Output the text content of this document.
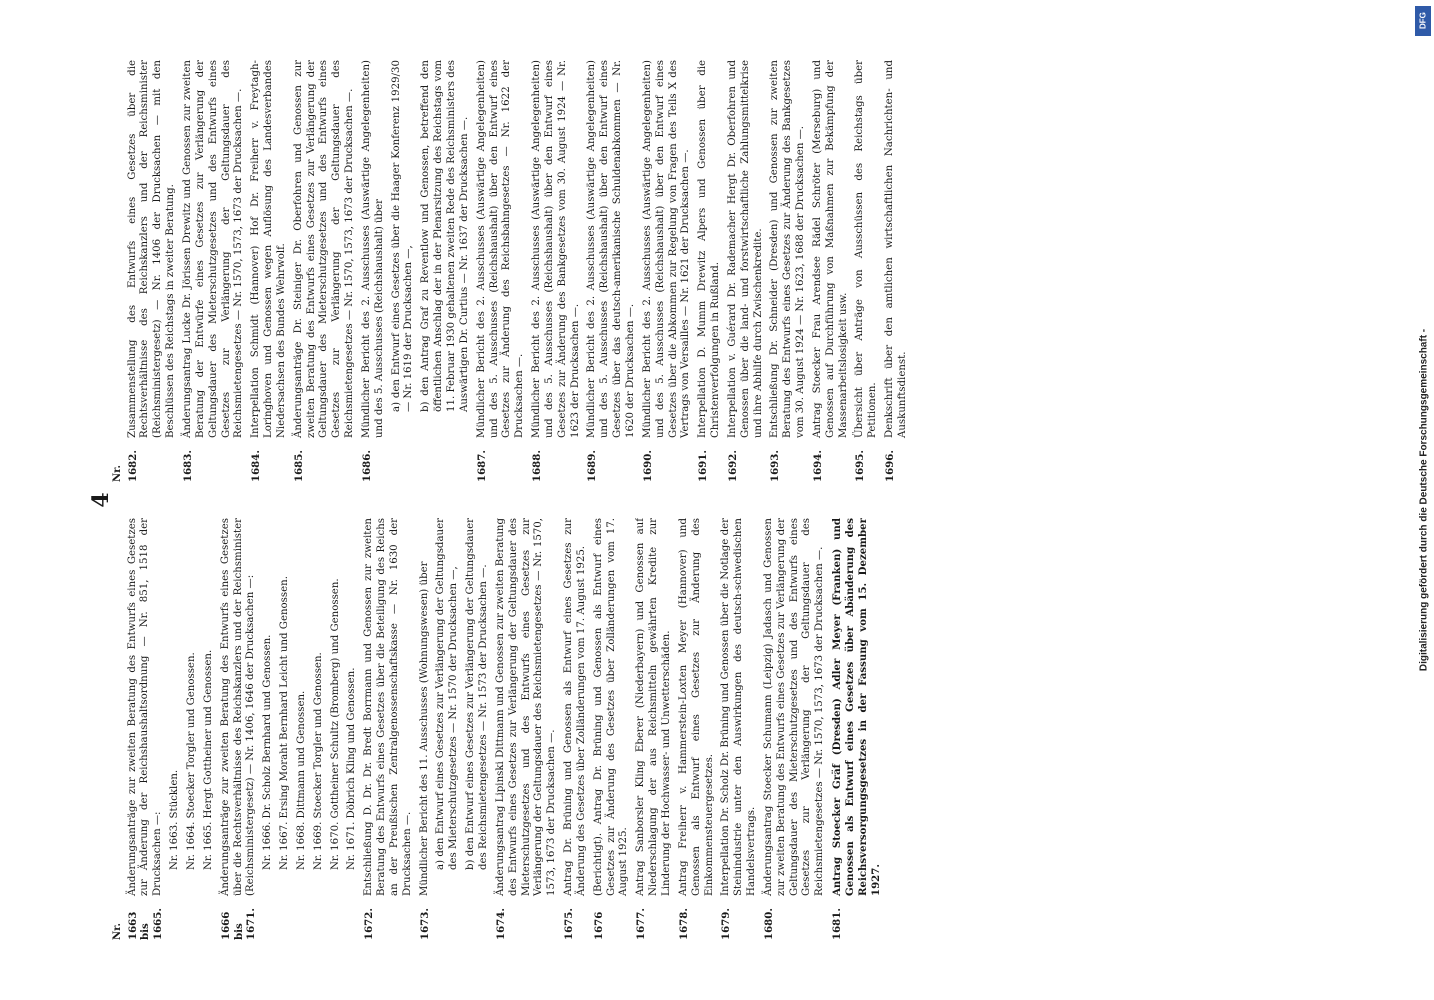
4
Nr. 1663 bis 1665.
Änderungsanträge zur zweiten Beratung des Entwurfs eines Gesetzes zur Änderung der Reichshaushaltsordnung — Nr. 851, 1518 der Drucksachen —: Nr. 1663. Stücklen. Nr. 1664. Stoecker Torgler und Genossen. Nr. 1665. Hergt Gottheiner und Genossen.
1666 bis 1671.
Änderungsanträge zur zweiten Beratung des Entwurfs eines Gesetzes über die Rechtsverhältnisse des Reichskanzlers und der Reichsminister (Reichsministergesetz) — Nr. 1406, 1646 der Drucksachen —: Nr. 1666. Dr. Scholz Bernhard und Genossen. Nr. 1667. Ersing Moraht Bernhard Leicht und Genossen. Nr. 1668. Dittmann und Genossen. Nr. 1669. Stoecker Torgler und Genossen. Nr. 1670. Gottheiner Schultz (Bromberg) und Genossen. Nr. 1671. Döbrich Kling und Genossen.
1672.
Entschließung D. Dr. Dr. Bredt Borrmann und Genossen zur zweiten Beratung des Entwurfs eines Gesetzes über die Beteiligung des Reichs an der Preußischen Zentralgenossenschaftskasse — Nr. 1630 der Drucksachen —.
1673.
Mündlicher Bericht des 11. Ausschusses (Wohnungswesen) über a) den Entwurf eines Gesetzes zur Verlängerung der Geltungsdauer des Mieterschutzgesetzes — Nr. 1570 der Drucksachen —, b) den Entwurf eines Gesetzes zur Verlängerung der Geltungsdauer des Reichsmietengesetzes — Nr. 1573 der Drucksachen —.
1674.
Änderungsantrag Lipinski Dittmann und Genossen zur zweiten Beratung des Entwurfs eines Gesetzes zur Verlängerung der Geltungsdauer des Mieterschutzgesetzes und des Entwurfs eines Gesetzes zur Verlängerung der Geltungsdauer des Reichsmietengesetzes — Nr. 1570, 1573, 1673 der Drucksachen —.
1675.
Antrag Dr. Brüning und Genossen als Entwurf eines Gesetzes zur Änderung des Gesetzes über Zolländerungen vom 17. August 1925.
1676
(Berichtigt). Antrag Dr. Brüning und Genossen als Entwurf eines Gesetzes zur Änderung des Gesetzes über Zolländerungen vom 17. August 1925.
1677.
Antrag Sanborsler Kling Eberer (Niederbayern) und Genossen auf Niederschlagung der aus Reichsmitteln gewährten Kredite zur Linderung der Hochwasser- und Unwetterschäden.
1678.
Antrag Freiherr v. Hammerstein-Loxten Meyer (Hannover) und Genossen als Entwurf eines Gesetzes zur Änderung des Einkommensteuergesetzes.
1679.
Interpellation Dr. Scholz Dr. Brüning und Genossen über die Notlage der Steinindustrie unter den Auswirkungen des deutsch-schwedischen Handelsvertrags.
1680.
Änderungsantrag Stoecker Schumann (Leipzig) Jadasch und Genossen zur zweiten Beratung des Entwurfs eines Gesetzes zur Verlängerung der Geltungsdauer des Mieterschutzgesetzes und des Entwurfs eines Gesetzes zur Verlängerung der Geltungsdauer des Reichsmietengesetzes — Nr. 1570, 1573, 1673 der Drucksachen —.
1681.
Antrag Stoecker Gräf (Dresden) Adler Meyer (Franken) und Genossen als Entwurf eines Gesetzes über Abänderung des Reichsversorgungsgesetzes in der Fassung vom 15. Dezember 1927.
Nr. 1682.
Zusammenstellung des Entwurfs eines Gesetzes über die Rechtsverhältnisse des Reichskanzlers und der Reichsminister (Reichsministergesetz) — Nr. 1406 der Drucksachen — mit den Beschlüssen des Reichstags in zweiter Beratung.
1683.
Änderungsantrag Lucke Dr. Jörissen Drewitz und Genossen zur zweiten Beratung der Entwürfe eines Gesetzes zur Verlängerung der Geltungsdauer des Mieterschutzgesetzes und des Entwurfs eines Gesetzes zur Verlängerung der Geltungsdauer des Reichsmietengesetzes — Nr. 1570, 1573, 1673 der Drucksachen —.
1684.
Interpellation Schmidt (Hannover) Hof Dr. Freiherr v. Freytagh-Loringhoven und Genossen wegen Auflösung des Landesverbandes Niedersachsen des Bundes Wehrwolf.
1685.
Änderungsanträge Dr. Steiniger Dr. Oberfohren und Genossen zur zweiten Beratung des Entwurfs eines Gesetzes zur Verlängerung der Geltungsdauer des Mieterschutzgesetzes und des Entwurfs eines Gesetzes zur Verlängerung der Geltungsdauer des Reichsmietengesetzes — Nr. 1570, 1573, 1673 der Drucksachen —.
1686.
Mündlicher Bericht des 2. Ausschusses (Auswärtige Angelegenheiten) und des 5. Ausschusses (Reichshaushalt) über a) den Entwurf eines Gesetzes über die Haager Konferenz 1929/30 — Nr. 1619 der Drucksachen —, b) den Antrag Graf zu Reventlow und Genossen, betreffend den öffentlichen Anschlag der in der Plenarsitzung des Reichstags vom 11. Februar 1930 gehaltenen zweiten Rede des Reichsministers des Auswärtigen Dr. Curtius — Nr. 1637 der Drucksachen —.
1687.
Mündlicher Bericht des 2. Ausschusses (Auswärtige Angelegenheiten) und des 5. Ausschusses (Reichshaushalt) über den Entwurf eines Gesetzes zur Änderung des Reichsbahngesetzes — Nr. 1622 der Drucksachen —.
1688.
Mündlicher Bericht des 2. Ausschusses (Auswärtige Angelegenheiten) und des 5. Ausschusses (Reichshaushalt) über den Entwurf eines Gesetzes zur Änderung des Bankgesetzes vom 30. August 1924 — Nr. 1623 der Drucksachen —.
1689.
Mündlicher Bericht des 2. Ausschusses (Auswärtige Angelegenheiten) und des 5. Ausschusses (Reichshaushalt) über den Entwurf eines Gesetzes über das deutsch-amerikanische Schuldenabkommen — Nr. 1620 der Drucksachen —.
1690.
Mündlicher Bericht des 2. Ausschusses (Auswärtige Angelegenheiten) und des 5. Ausschusses (Reichshaushalt) über den Entwurf eines Gesetzes über die Abkommen zur Regelung von Fragen des Teils X des Vertrags von Versailles — Nr. 1621 der Drucksachen —.
1691.
Interpellation D. Mumm Drewitz Alpers und Genossen über die Christenverfolgungen in Rußland.
1692.
Interpellation v. Guérard Dr. Rademacher Hergt Dr. Oberfohren und Genossen über die land- und forstwirtschaftliche Zahlungsmittelkrise und ihre Abhilfe durch Zwischenkredite.
1693.
Entschließung Dr. Schneider (Dresden) und Genossen zur zweiten Beratung des Entwurfs eines Gesetzes zur Änderung des Bankgesetzes vom 30. August 1924 — Nr. 1623, 1688 der Drucksachen —.
1694.
Antrag Stoecker Frau Arendsee Rädel Schröter (Merseburg) und Genossen auf Durchführung von Maßnahmen zur Bekämpfung der Massenarbeitslosigkeit usw.
1695.
Übersicht über Anträge von Ausschüssen des Reichstags über Petitionen.
1696.
Denkschrift über den amtlichen wirtschaftlichen Nachrichten- und Auskunftsdienst.	Digitalisierung gefördert durch die Deutsche Forschungsgemeinschaft -
DFG
